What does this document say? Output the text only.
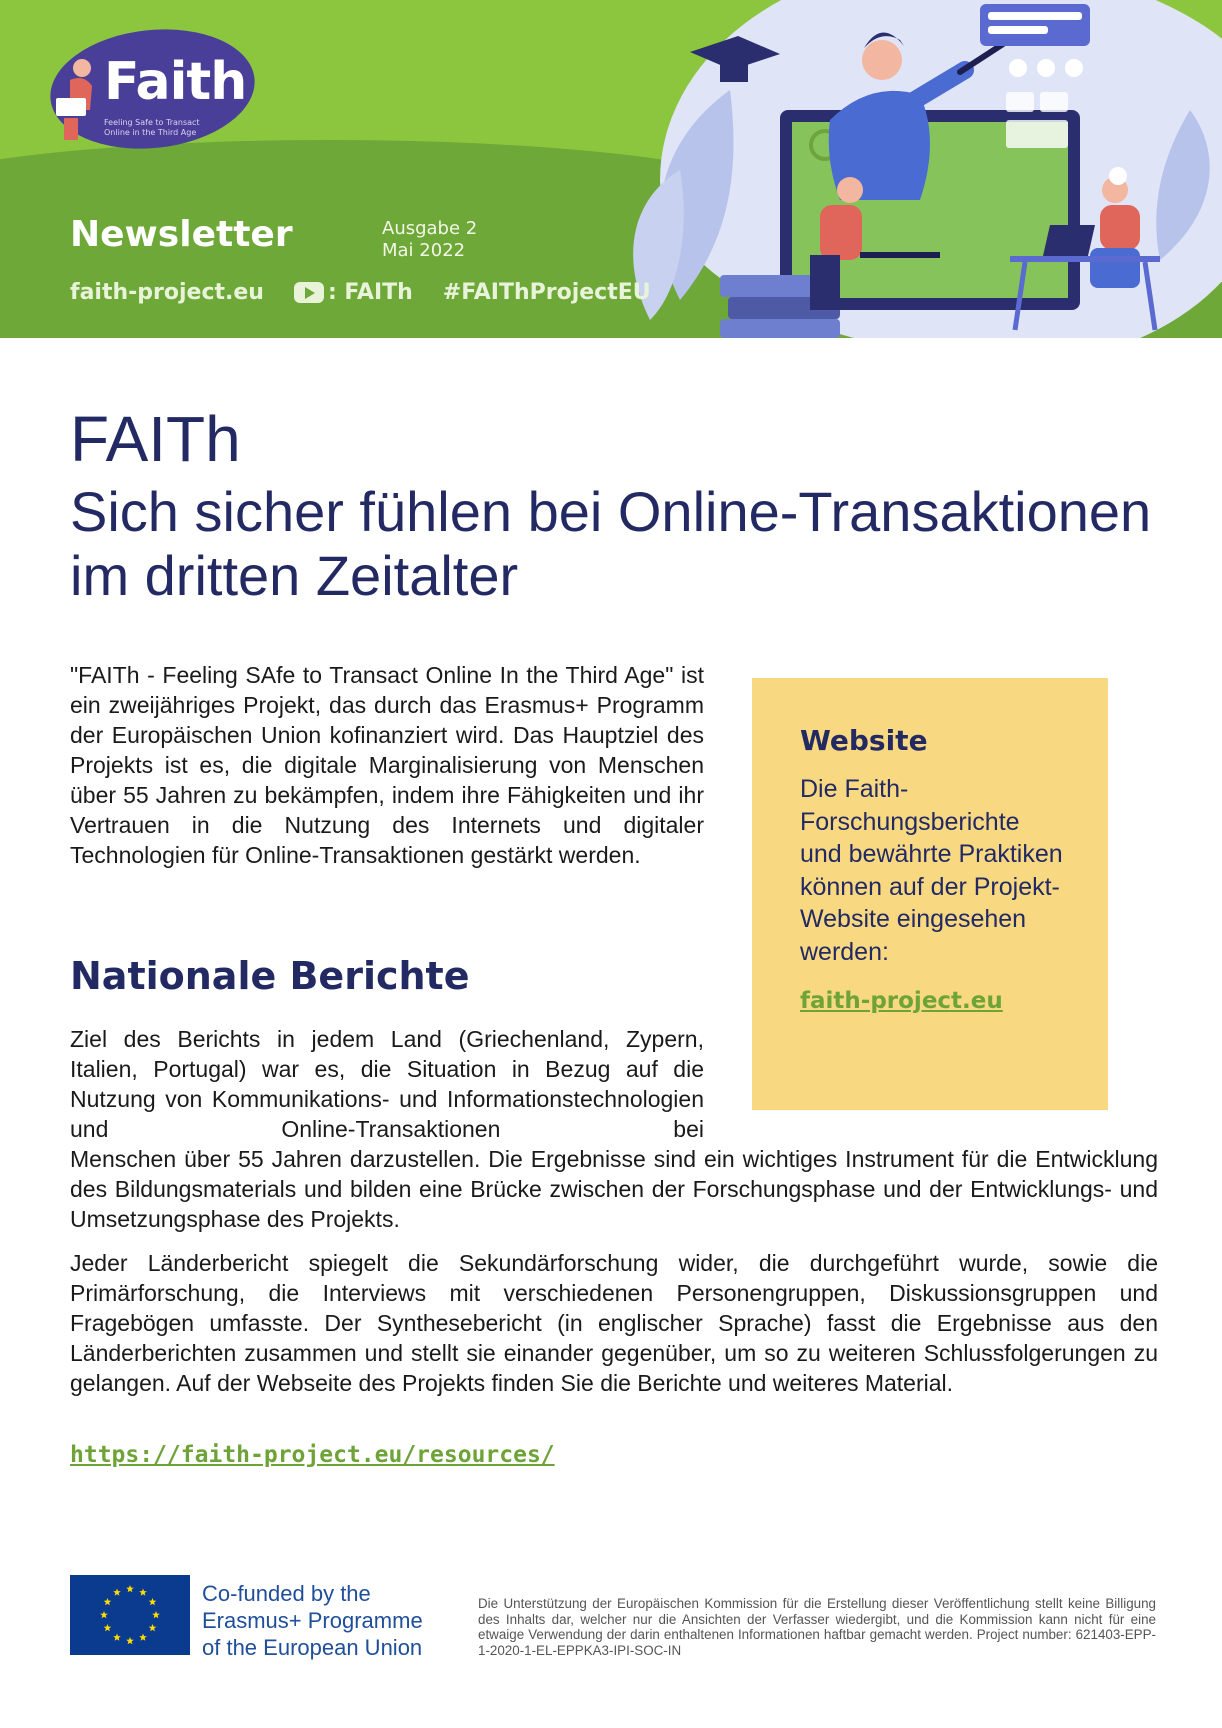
Faith
Feeling Safe to Transact Online in the Third Age
Newsletter	Ausgabe 2
Mai 2022
faith-project.eu	: FAITh #FAIThProjectEU
FAITh
Sich sicher fühlen bei Online-Transaktionen im dritten Zeitalter

"FAITh - Feeling SAfe to Transact Online In the Third Age" ist ein zweijähriges Projekt, das durch das Erasmus+ Programm der Europäischen Union kofinanziert wird. Das Hauptziel des Projekts ist es, die digitale Marginalisierung von Menschen über 55 Jahren zu bekämpfen, indem ihre Fähigkeiten und ihr Vertrauen in die Nutzung des Internets und digitaler Technologien für Online-Transaktionen gestärkt werden.

Website
Die Faith-Forschungsberichte und bewährte Praktiken können auf der Projekt-Website eingesehen werden:
faith-project.eu
Nationale Berichte

Ziel des Berichts in jedem Land (Griechenland, Zypern, Italien, Portugal) war es, die Situation in Bezug auf die Nutzung von Kommunikations- und Informationstechnologien und Online-Transaktionen bei

Menschen über 55 Jahren darzustellen. Die Ergebnisse sind ein wichtiges Instrument für die Entwicklung des Bildungsmaterials und bilden eine Brücke zwischen der Forschungsphase und der Entwicklungs- und Umsetzungsphase des Projekts.

Jeder Länderbericht spiegelt die Sekundärforschung wider, die durchgeführt wurde, sowie die Primärforschung, die Interviews mit verschiedenen Personengruppen, Diskussionsgruppen und Fragebögen umfasste. Der Synthesebericht (in englischer Sprache) fasst die Ergebnisse aus den Länderberichten zusammen und stellt sie einander gegenüber, um so zu weiteren Schlussfolgerungen zu gelangen. Auf der Webseite des Projekts finden Sie die Berichte und weiteres Material.

https://faith-project.eu/resources/
Co-funded by the
Erasmus+ Programme
of the European Union
Die Unterstützung der Europäischen Kommission für die Erstellung dieser Veröffentlichung stellt keine Billigung des Inhalts dar, welcher nur die Ansichten der Verfasser wiedergibt, und die Kommission kann nicht für eine etwaige Verwendung der darin enthaltenen Informationen haftbar gemacht werden. Project number: 621403-EPP-1-2020-1-EL-EPPKA3-IPI-SOC-IN
